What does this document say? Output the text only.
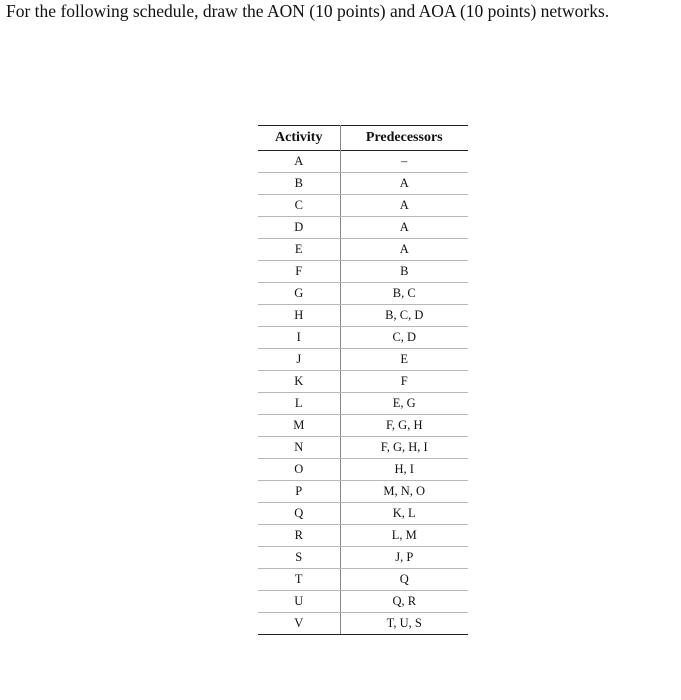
For the following schedule, draw the AON (10 points) and AOA (10 points) networks.

Activity	Predecessors
A	–
B	A
C	A
D	A
E	A
F	B
G	B, C
H	B, C, D
I	C, D
J	E
K	F
L	E, G
M	F, G, H
N	F, G, H, I
O	H, I
P	M, N, O
Q	K, L
R	L, M
S	J, P
T	Q
U	Q, R
V	T, U, S
